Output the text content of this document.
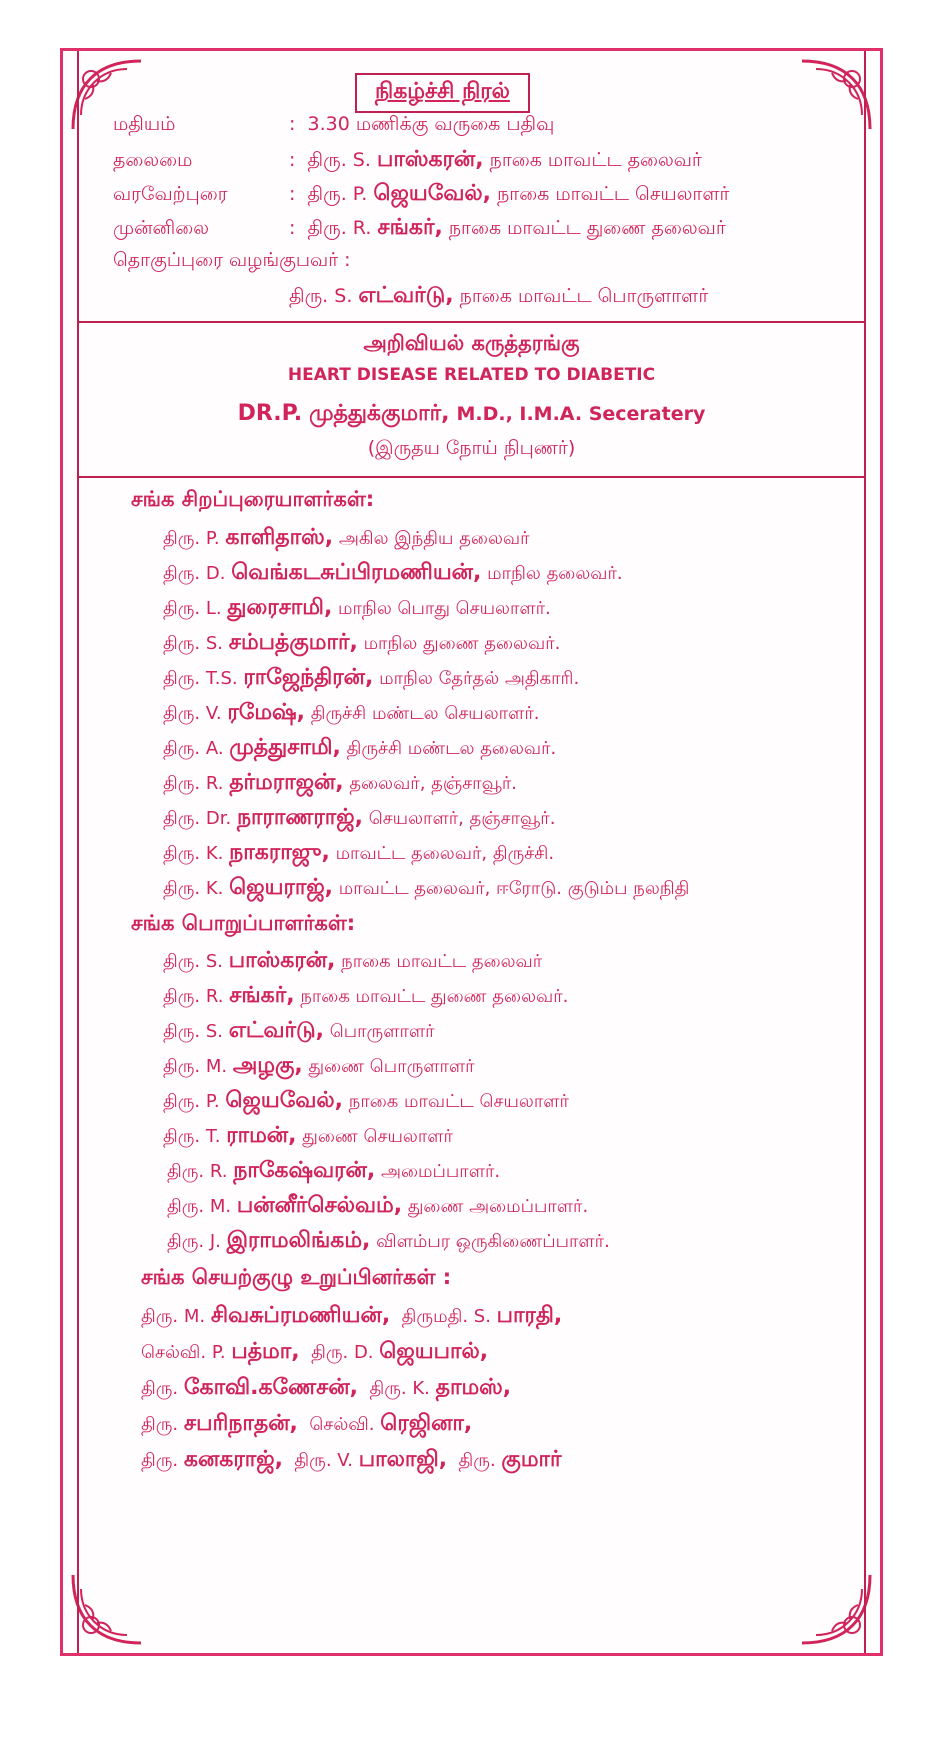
நிகழ்ச்சி நிரல்
மதியம்	: 3.30 மணிக்கு வருகை பதிவு
தலைமை	: திரு. S. பாஸ்கரன், நாகை மாவட்ட தலைவர்
வரவேற்புரை	: திரு. P. ஜெயவேல், நாகை மாவட்ட செயலாளர்
முன்னிலை	: திரு. R. சங்கர், நாகை மாவட்ட துணை தலைவர்
தொகுப்புரை வழங்குபவர் :
திரு. S. எட்வர்டு, நாகை மாவட்ட பொருளாளர்
அறிவியல் கருத்தரங்கு
HEART DISEASE RELATED TO DIABETIC
DR.P. முத்துக்குமார், M.D., I.M.A. Seceratery
(இருதய நோய் நிபுணர்)
சங்க சிறப்புரையாளர்கள்:
திரு. P. காளிதாஸ், அகில இந்திய தலைவர்
திரு. D. வெங்கடசுப்பிரமணியன், மாநில தலைவர்.
திரு. L. துரைசாமி, மாநில பொது செயலாளர்.
திரு. S. சம்பத்குமார், மாநில துணை தலைவர்.
திரு. T.S. ராஜேந்திரன், மாநில தேர்தல் அதிகாரி.
திரு. V. ரமேஷ், திருச்சி மண்டல செயலாளர்.
திரு. A. முத்துசாமி, திருச்சி மண்டல தலைவர்.
திரு. R. தர்மராஜன், தலைவர், தஞ்சாவூர்.
திரு. Dr. நாராணராஜ், செயலாளர், தஞ்சாவூர்.
திரு. K. நாகராஜு, மாவட்ட தலைவர், திருச்சி.
திரு. K. ஜெயராஜ், மாவட்ட தலைவர், ஈரோடு. குடும்ப நலநிதி
சங்க பொறுப்பாளர்கள்:
திரு. S. பாஸ்கரன், நாகை மாவட்ட தலைவர்
திரு. R. சங்கர், நாகை மாவட்ட துணை தலைவர்.
திரு. S. எட்வர்டு, பொருளாளர்
திரு. M. அழகு, துணை பொருளாளர்
திரு. P. ஜெயவேல், நாகை மாவட்ட செயலாளர்
திரு. T. ராமன், துணை செயலாளர்
திரு. R. நாகேஷ்வரன், அமைப்பாளர்.
திரு. M. பன்னீர்செல்வம், துணை அமைப்பாளர்.
திரு. J. இராமலிங்கம், விளம்பர ஒருகிணைப்பாளர்.
சங்க செயற்குழு உறுப்பினர்கள் :
திரு. M. சிவசுப்ரமணியன், திருமதி. S. பாரதி,
செல்வி. P. பத்மா, திரு. D. ஜெயபால்,
திரு. கோவி.கணேசன், திரு. K. தாமஸ்,
திரு. சபரிநாதன், செல்வி. ரெஜினா,
திரு. கனகராஜ், திரு. V. பாலாஜி, திரு. குமார்
